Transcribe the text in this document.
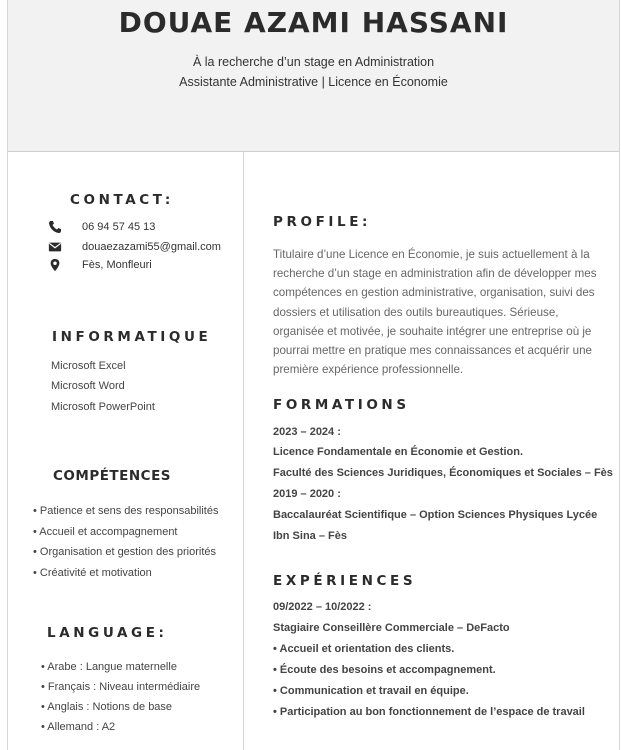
DOUAE AZAMI HASSANI
À la recherche d’un stage en Administration
Assistante Administrative | Licence en Économie
CONTACT:
06 94 57 45 13
douaezazami55@gmail.com
Fès, Monfleuri
INFORMATIQUE
Microsoft Excel
Microsoft Word
Microsoft PowerPoint
COMPÉTENCES
• Patience et sens des responsabilités
• Accueil et accompagnement
• Organisation et gestion des priorités
• Créativité et motivation
LANGUAGE:
• Arabe : Langue maternelle
• Français : Niveau intermédiaire
• Anglais : Notions de base
• Allemand : A2
PROFILE:
Titulaire d’une Licence en Économie, je suis actuellement à la
recherche d’un stage en administration afin de développer mes
compétences en gestion administrative, organisation, suivi des
dossiers et utilisation des outils bureautiques. Sérieuse,
organisée et motivée, je souhaite intégrer une entreprise où je
pourrai mettre en pratique mes connaissances et acquérir une
première expérience professionnelle.
FORMATIONS
2023 – 2024 :
Licence Fondamentale en Économie et Gestion.
Faculté des Sciences Juridiques, Économiques et Sociales – Fès
2019 – 2020 :
Baccalauréat Scientifique – Option Sciences Physiques Lycée
Ibn Sina – Fès
EXPÉRIENCES
09/2022 – 10/2022 :
Stagiaire Conseillère Commerciale – DeFacto
• Accueil et orientation des clients.
• Écoute des besoins et accompagnement.
• Communication et travail en équipe.
• Participation au bon fonctionnement de l’espace de travail
